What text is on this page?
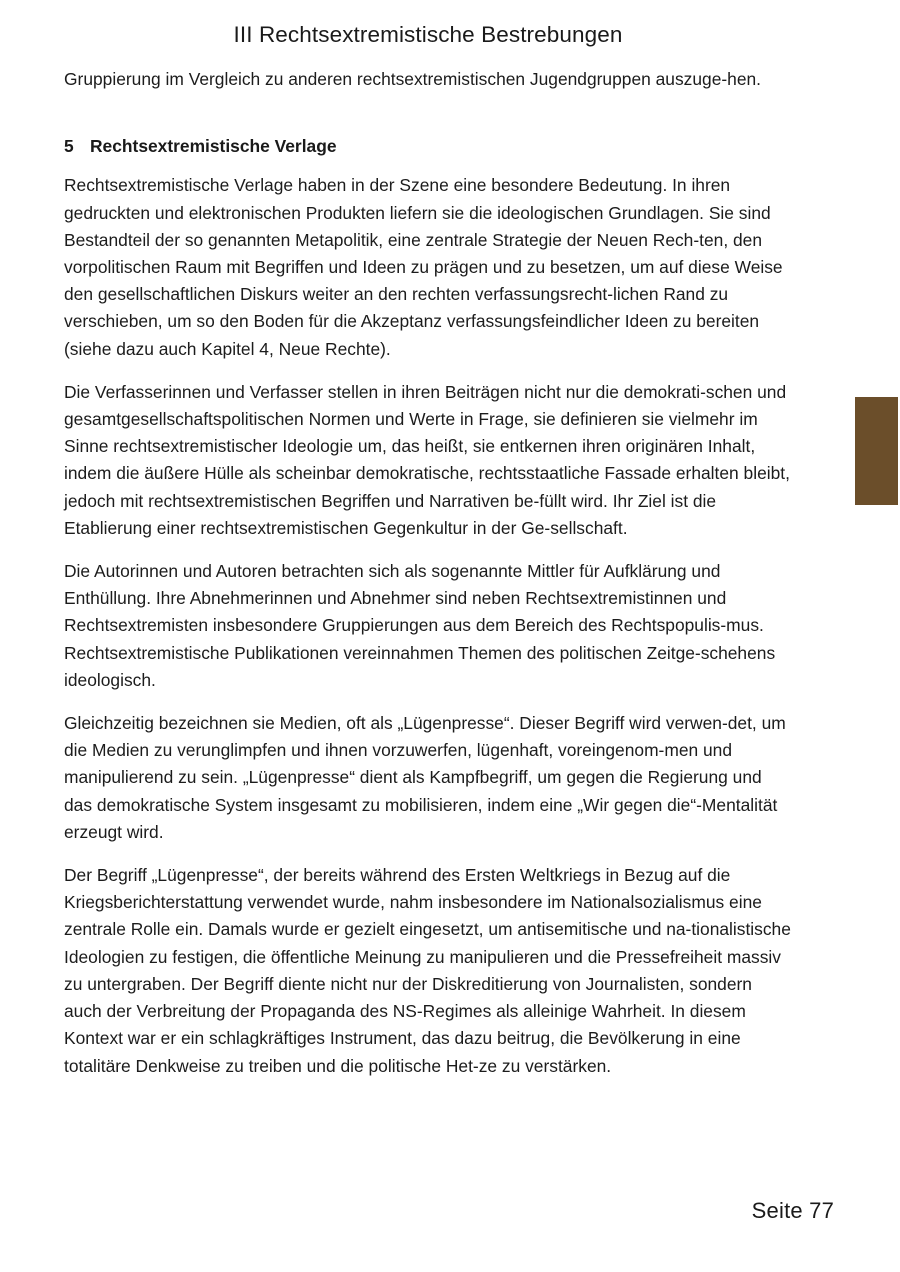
III Rechtsextremistische Bestrebungen

Gruppierung im Vergleich zu anderen rechtsextremistischen Jugendgruppen auszuge-hen.

5 Rechtsextremistische Verlage

Rechtsextremistische Verlage haben in der Szene eine besondere Bedeutung. In ihren gedruckten und elektronischen Produkten liefern sie die ideologischen Grundlagen. Sie sind Bestandteil der so genannten Metapolitik, eine zentrale Strategie der Neuen Rech-ten, den vorpolitischen Raum mit Begriffen und Ideen zu prägen und zu besetzen, um auf diese Weise den gesellschaftlichen Diskurs weiter an den rechten verfassungsrecht-lichen Rand zu verschieben, um so den Boden für die Akzeptanz verfassungsfeindlicher Ideen zu bereiten (siehe dazu auch Kapitel 4, Neue Rechte).

Die Verfasserinnen und Verfasser stellen in ihren Beiträgen nicht nur die demokrati-schen und gesamtgesellschaftspolitischen Normen und Werte in Frage, sie definieren sie vielmehr im Sinne rechtsextremistischer Ideologie um, das heißt, sie entkernen ihren originären Inhalt, indem die äußere Hülle als scheinbar demokratische, rechtsstaatliche Fassade erhalten bleibt, jedoch mit rechtsextremistischen Begriffen und Narrativen be-füllt wird. Ihr Ziel ist die Etablierung einer rechtsextremistischen Gegenkultur in der Ge-sellschaft.

Die Autorinnen und Autoren betrachten sich als sogenannte Mittler für Aufklärung und Enthüllung. Ihre Abnehmerinnen und Abnehmer sind neben Rechtsextremistinnen und Rechtsextremisten insbesondere Gruppierungen aus dem Bereich des Rechtspopulis-mus. Rechtsextremistische Publikationen vereinnahmen Themen des politischen Zeitge-schehens ideologisch.

Gleichzeitig bezeichnen sie Medien, oft als „Lügenpresse“. Dieser Begriff wird verwen-det, um die Medien zu verunglimpfen und ihnen vorzuwerfen, lügenhaft, voreingenom-men und manipulierend zu sein. „Lügenpresse“ dient als Kampfbegriff, um gegen die Regierung und das demokratische System insgesamt zu mobilisieren, indem eine „Wir gegen die“-Mentalität erzeugt wird.

Der Begriff „Lügenpresse“, der bereits während des Ersten Weltkriegs in Bezug auf die Kriegsberichterstattung verwendet wurde, nahm insbesondere im Nationalsozialismus eine zentrale Rolle ein. Damals wurde er gezielt eingesetzt, um antisemitische und na-tionalistische Ideologien zu festigen, die öffentliche Meinung zu manipulieren und die Pressefreiheit massiv zu untergraben. Der Begriff diente nicht nur der Diskreditierung von Journalisten, sondern auch der Verbreitung der Propaganda des NS-Regimes als alleinige Wahrheit. In diesem Kontext war er ein schlagkräftiges Instrument, das dazu beitrug, die Bevölkerung in eine totalitäre Denkweise zu treiben und die politische Het-ze zu verstärken.

Seite 77
